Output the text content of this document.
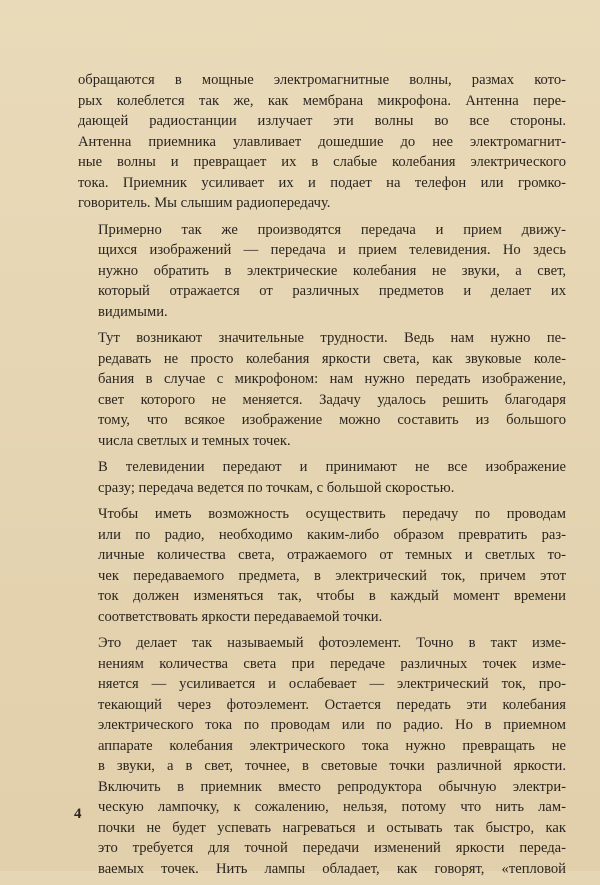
обращаются в мощные электромагнитные волны, размах кото-
рых колеблется так же, как мембрана микрофона. Антенна пере-
дающей радиостанции излучает эти волны во все стороны.
Антенна приемника улавливает дошедшие до нее электромагнит-
ные волны и превращает их в слабые колебания электрического
тока. Приемник усиливает их и подает на телефон или громко-
говоритель. Мы слышим радиопередачу.
Примерно так же производятся передача и прием движу-
щихся изображений — передача и прием телевидения. Но здесь
нужно обратить в электрические колебания не звуки, а свет,
который отражается от различных предметов и делает их
видимыми.
Тут возникают значительные трудности. Ведь нам нужно пе-
редавать не просто колебания яркости света, как звуковые коле-
бания в случае с микрофоном: нам нужно передать изображение,
свет которого не меняется. Задачу удалось решить благодаря
тому, что всякое изображение можно составить из большого
числа светлых и темных точек.
В телевидении передают и принимают не все изображение
сразу; передача ведется по точкам, с большой скоростью.
Чтобы иметь возможность осуществить передачу по проводам
или по радио, необходимо каким-либо образом превратить раз-
личные количества света, отражаемого от темных и светлых то-
чек передаваемого предмета, в электрический ток, причем этот
ток должен изменяться так, чтобы в каждый момент времени
соответствовать яркости передаваемой точки.
Это делает так называемый фотоэлемент. Точно в такт изме-
нениям количества света при передаче различных точек изме-
няется — усиливается и ослабевает — электрический ток, про-
текающий через фотоэлемент. Остается передать эти колебания
электрического тока по проводам или по радио. Но в приемном
аппарате колебания электрического тока нужно превращать не
в звуки, а в свет, точнее, в световые точки различной яркости.
Включить в приемник вместо репродуктора обычную электри-
ческую лампочку, к сожалению, нельзя, потому что нить лам-
почки не будет успевать нагреваться и остывать так быстро, как
это требуется для точной передачи изменений яркости переда-
ваемых точек. Нить лампы обладает, как говорят, «тепловой
4
